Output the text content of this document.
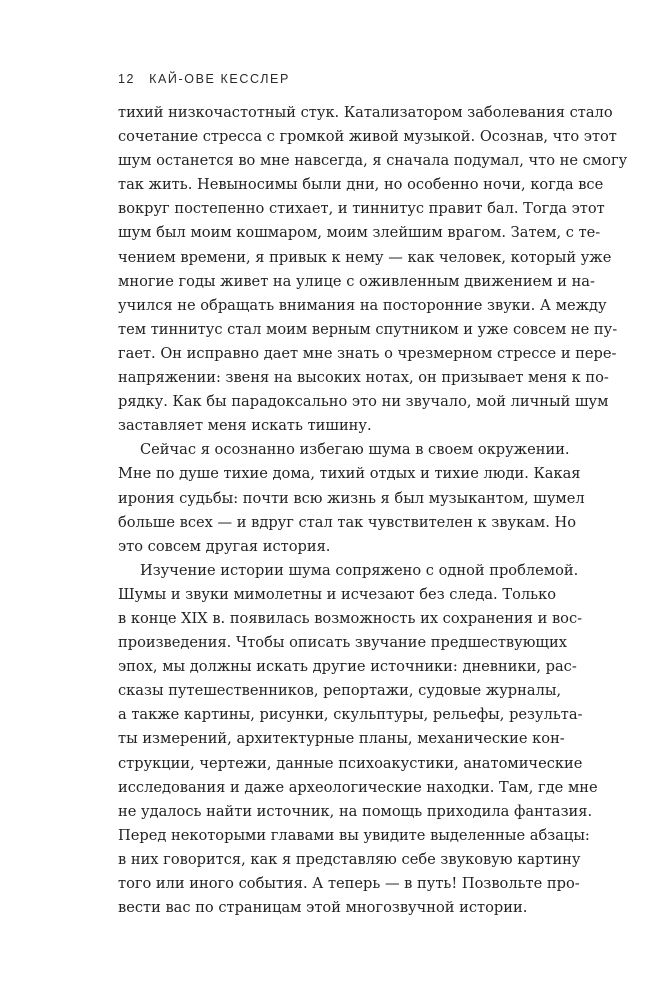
12 КАЙ-ОВЕ КЕССЛЕР
тихий низкочастотный стук. Катализатором заболевания стало
сочетание стресса с громкой живой музыкой. Осознав, что этот
шум останется во мне навсегда, я сначала подумал, что не смогу
так жить. Невыносимы были дни, но особенно ночи, когда все
вокруг постепенно стихает, и тиннитус правит бал. Тогда этот
шум был моим кошмаром, моим злейшим врагом. Затем, с те-
чением времени, я привык к нему — как человек, который уже
многие годы живет на улице с оживленным движением и на-
учился не обращать внимания на посторонние звуки. А между
тем тиннитус стал моим верным спутником и уже совсем не пу-
гает. Он исправно дает мне знать о чрезмерном стрессе и пере-
напряжении: звеня на высоких нотах, он призывает меня к по-
рядку. Как бы парадоксально это ни звучало, мой личный шум
заставляет меня искать тишину.
Сейчас я осознанно избегаю шума в своем окружении.
Мне по душе тихие дома, тихий отдых и тихие люди. Какая
ирония судьбы: почти всю жизнь я был музыкантом, шумел
больше всех — и вдруг стал так чувствителен к звукам. Но
это совсем другая история.
Изучение истории шума сопряжено с одной проблемой.
Шумы и звуки мимолетны и исчезают без следа. Только
в конце XIX в. появилась возможность их сохранения и вос-
произведения. Чтобы описать звучание предшествующих
эпох, мы должны искать другие источники: дневники, рас-
сказы путешественников, репортажи, судовые журналы,
а также картины, рисунки, скульптуры, рельефы, результа-
ты измерений, архитектурные планы, механические кон-
струкции, чертежи, данные психоакустики, анатомические
исследования и даже археологические находки. Там, где мне
не удалось найти источник, на помощь приходила фантазия.
Перед некоторыми главами вы увидите выделенные абзацы:
в них говорится, как я представляю себе звуковую картину
того или иного события. А теперь — в путь! Позвольте про-
вести вас по страницам этой многозвучной истории.
